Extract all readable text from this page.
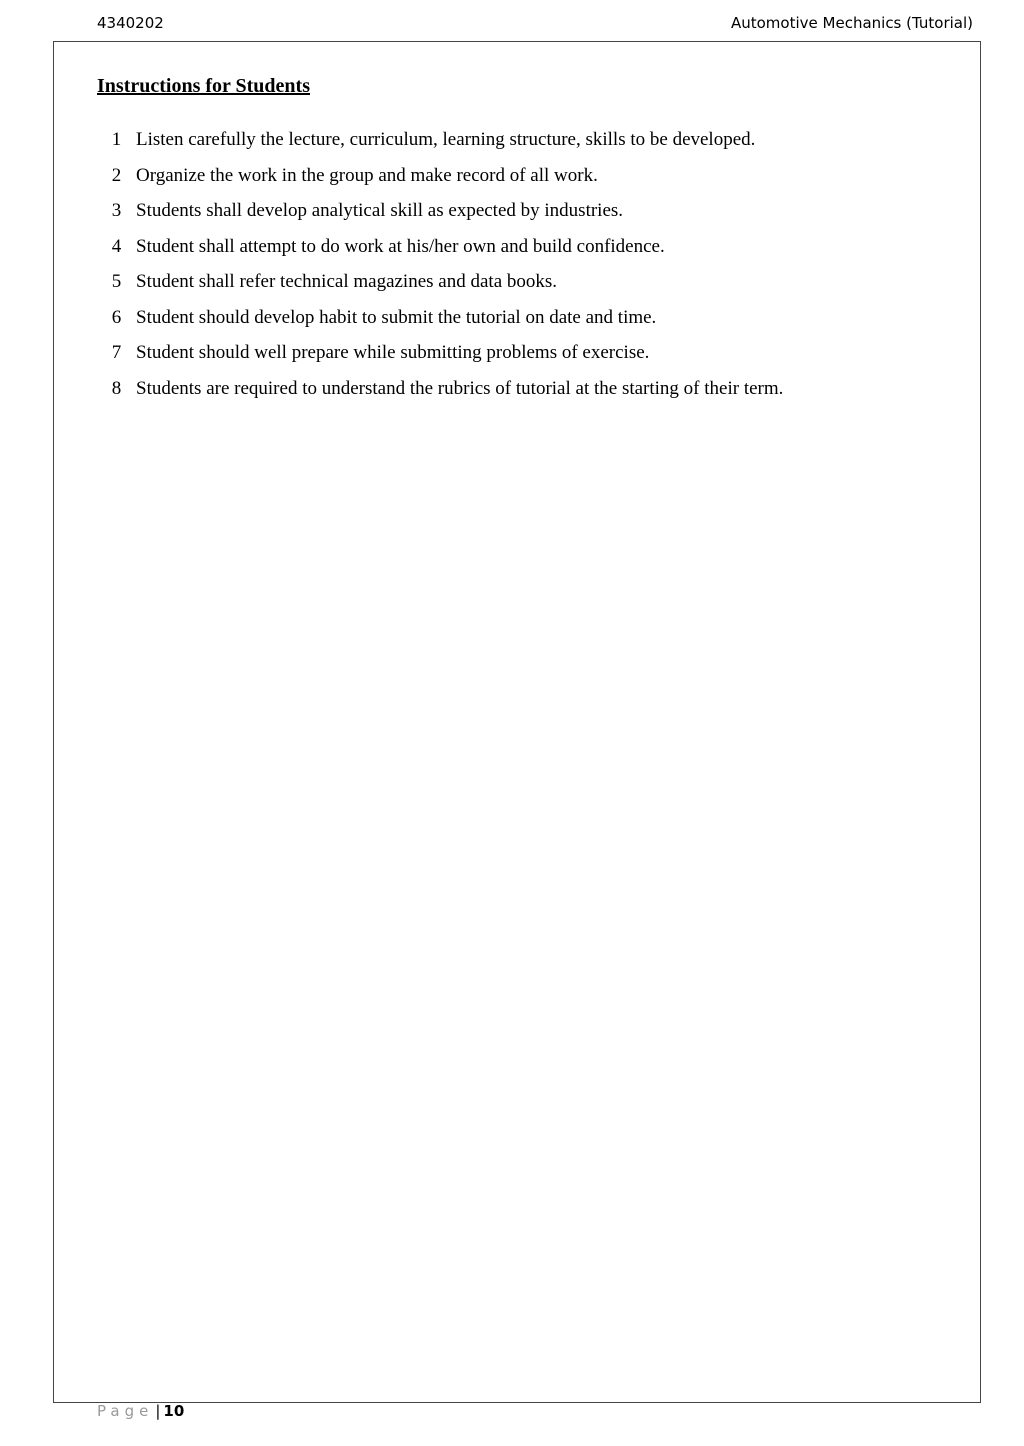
4340202	Automotive Mechanics (Tutorial)
Instructions for Students
1 Listen carefully the lecture, curriculum, learning structure, skills to be developed.
2 Organize the work in the group and make record of all work.
3 Students shall develop analytical skill as expected by industries.
4 Student shall attempt to do work at his/her own and build confidence.
5 Student shall refer technical magazines and data books.
6 Student should develop habit to submit the tutorial on date and time.
7 Student should well prepare while submitting problems of exercise.
8 Students are required to understand the rubrics of tutorial at the starting of their term.
Page | 10
